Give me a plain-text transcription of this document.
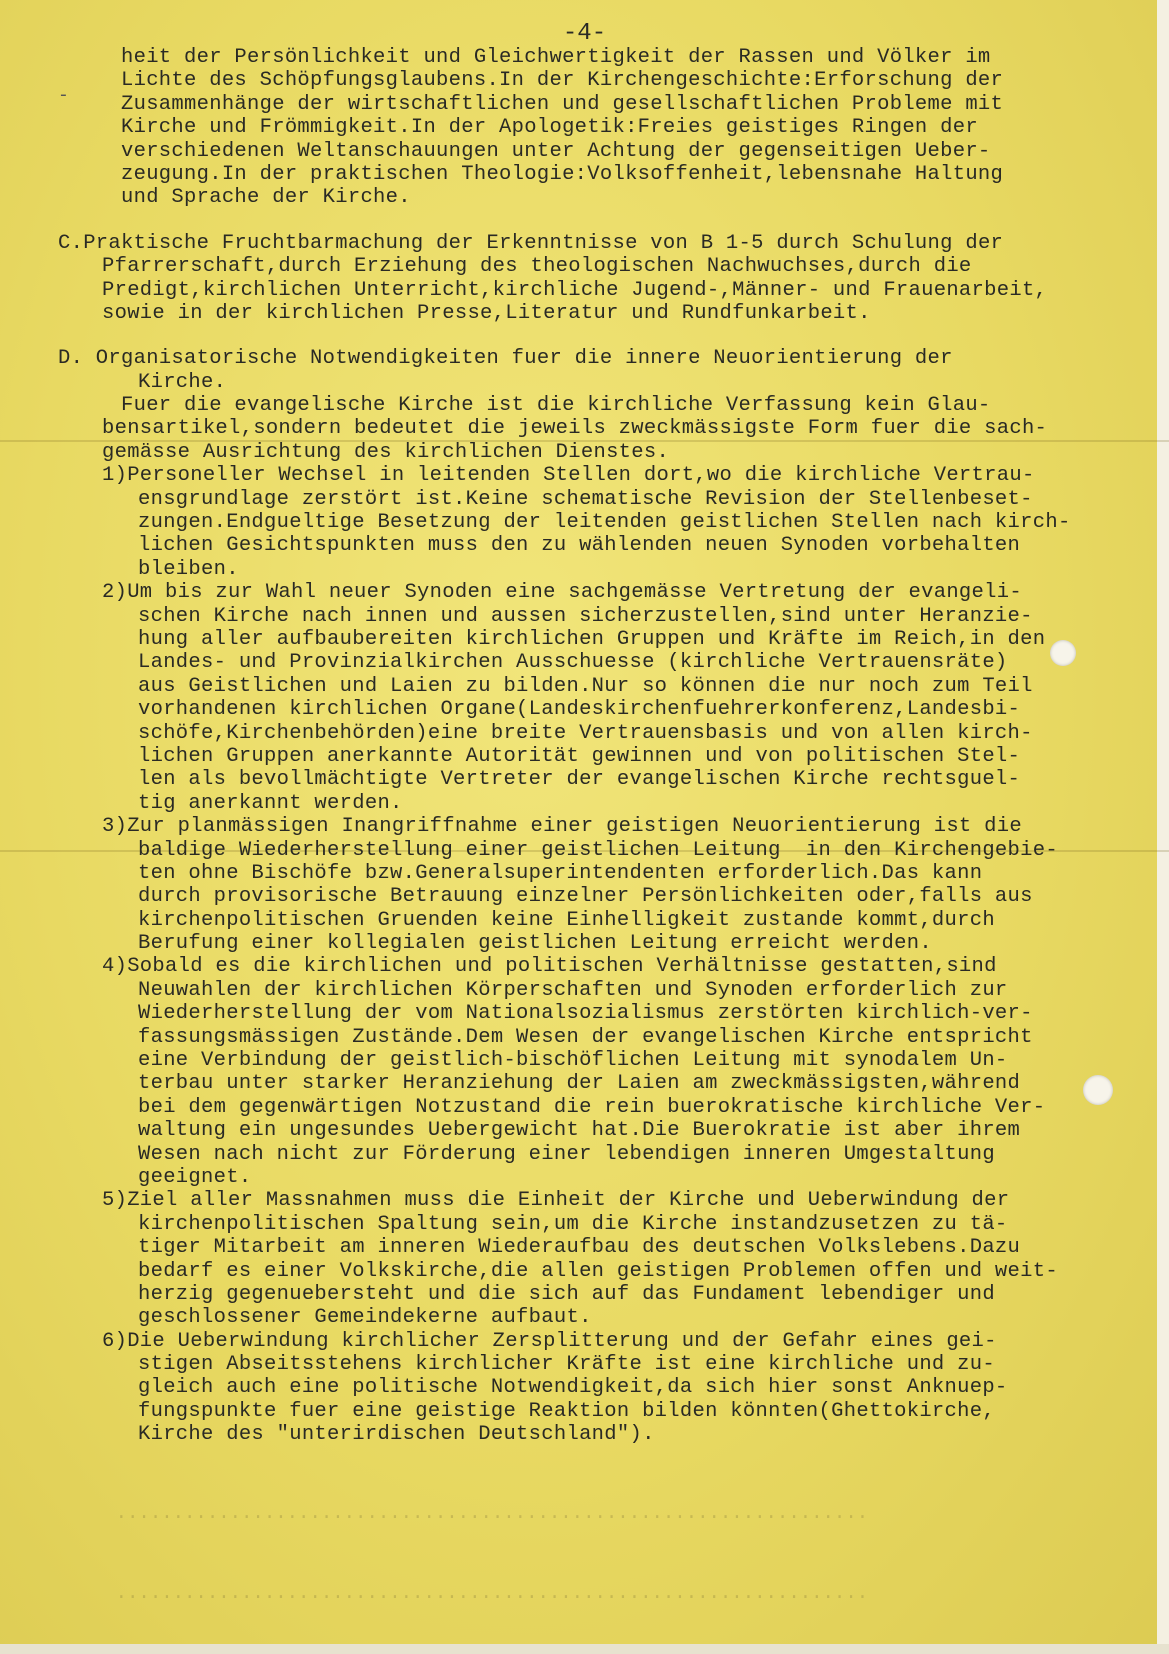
-4-
-
heit der Persönlichkeit und Gleichwertigkeit der Rassen und Völker im
Lichte des Schöpfungsglaubens.In der Kirchengeschichte:Erforschung der
Zusammenhänge der wirtschaftlichen und gesellschaftlichen Probleme mit
Kirche und Frömmigkeit.In der Apologetik:Freies geistiges Ringen der
verschiedenen Weltanschauungen unter Achtung der gegenseitigen Ueber-
zeugung.In der praktischen Theologie:Volksoffenheit,lebensnahe Haltung
und Sprache der Kirche.
C.Praktische Fruchtbarmachung der Erkenntnisse von B 1-5 durch Schulung der
Pfarrerschaft,durch Erziehung des theologischen Nachwuchses,durch die
Predigt,kirchlichen Unterricht,kirchliche Jugend-,Männer- und Frauenarbeit,
sowie in der kirchlichen Presse,Literatur und Rundfunkarbeit.
D. Organisatorische Notwendigkeiten fuer die innere Neuorientierung der
Kirche.
Fuer die evangelische Kirche ist die kirchliche Verfassung kein Glau-
bensartikel,sondern bedeutet die jeweils zweckmässigste Form fuer die sach-
gemässe Ausrichtung des kirchlichen Dienstes.
1)Personeller Wechsel in leitenden Stellen dort,wo die kirchliche Vertrau-
ensgrundlage zerstört ist.Keine schematische Revision der Stellenbeset-
zungen.Endgueltige Besetzung der leitenden geistlichen Stellen nach kirch-
lichen Gesichtspunkten muss den zu wählenden neuen Synoden vorbehalten
bleiben.
2)Um bis zur Wahl neuer Synoden eine sachgemässe Vertretung der evangeli-
schen Kirche nach innen und aussen sicherzustellen,sind unter Heranzie-
hung aller aufbaubereiten kirchlichen Gruppen und Kräfte im Reich,in den
Landes- und Provinzialkirchen Ausschuesse (kirchliche Vertrauensräte)
aus Geistlichen und Laien zu bilden.Nur so können die nur noch zum Teil
vorhandenen kirchlichen Organe(Landeskirchenfuehrerkonferenz,Landesbi-
schöfe,Kirchenbehörden)eine breite Vertrauensbasis und von allen kirch-
lichen Gruppen anerkannte Autorität gewinnen und von politischen Stel-
len als bevollmächtigte Vertreter der evangelischen Kirche rechtsguel-
tig anerkannt werden.
3)Zur planmässigen Inangriffnahme einer geistigen Neuorientierung ist die
baldige Wiederherstellung einer geistlichen Leitung  in den Kirchengebie-
ten ohne Bischöfe bzw.Generalsuperintendenten erforderlich.Das kann
durch provisorische Betrauung einzelner Persönlichkeiten oder,falls aus
kirchenpolitischen Gruenden keine Einhelligkeit zustande kommt,durch
Berufung einer kollegialen geistlichen Leitung erreicht werden.
4)Sobald es die kirchlichen und politischen Verhältnisse gestatten,sind
Neuwahlen der kirchlichen Körperschaften und Synoden erforderlich zur
Wiederherstellung der vom Nationalsozialismus zerstörten kirchlich-ver-
fassungsmässigen Zustände.Dem Wesen der evangelischen Kirche entspricht
eine Verbindung der geistlich-bischöflichen Leitung mit synodalem Un-
terbau unter starker Heranziehung der Laien am zweckmässigsten,während
bei dem gegenwärtigen Notzustand die rein buerokratische kirchliche Ver-
waltung ein ungesundes Uebergewicht hat.Die Buerokratie ist aber ihrem
Wesen nach nicht zur Förderung einer lebendigen inneren Umgestaltung
geeignet.
5)Ziel aller Massnahmen muss die Einheit der Kirche und Ueberwindung der
kirchenpolitischen Spaltung sein,um die Kirche instandzusetzen zu tä-
tiger Mitarbeit am inneren Wiederaufbau des deutschen Volkslebens.Dazu
bedarf es einer Volkskirche,die allen geistigen Problemen offen und weit-
herzig gegenuebersteht und die sich auf das Fundament lebendiger und
geschlossener Gemeindekerne aufbaut.
6)Die Ueberwindung kirchlicher Zersplitterung und der Gefahr eines gei-
stigen Abseitsstehens kirchlicher Kräfte ist eine kirchliche und zu-
gleich auch eine politische Notwendigkeit,da sich hier sonst Anknuep-
fungspunkte fuer eine geistige Reaktion bilden könnten(Ghettokirche,
Kirche des "unterirdischen Deutschland").

..................................................................

..................................................................
